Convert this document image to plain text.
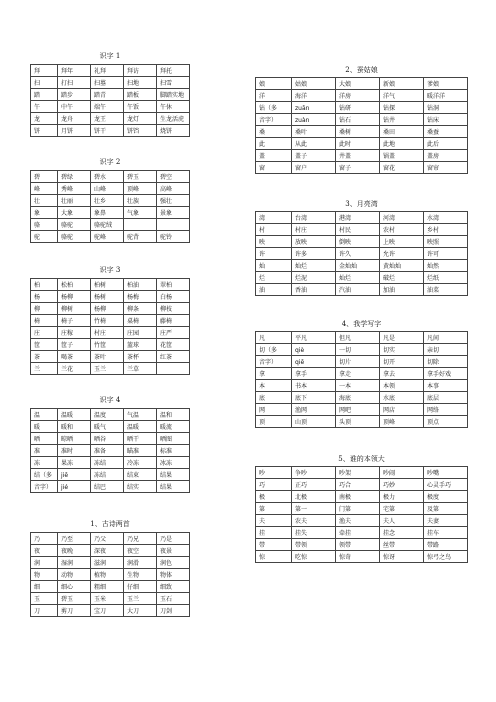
识字 1
拜	拜年	礼拜	拜访	拜托
扫	打扫	扫墓	扫地	扫雪
踏	踏步	踏青	踏板	脚踏实地
午	中午	端午	午饭	午休
龙	龙舟	龙王	龙灯	生龙活虎
饼	月饼	饼干	饼铛	烧饼
识字 2
碧	碧绿	碧水	碧玉	碧空
峰	秀峰	山峰	顶峰	高峰
壮	壮丽	壮乡	壮族	强壮
象	大象	象鼻	气象	景象
骆	骆驼	骆驼绒		
驼	骆驼	驼峰	驼背	驼铃
识字 3
柏	松柏	柏树	柏油	翠柏
杨	杨柳	杨树	杨梅	白杨
柳	柳树	杨柳	柳条	柳枝
椅	椅子	竹椅	桌椅	藤椅
庄	庄稼	村庄	庄园	庄严
筐	筐子	竹筐	篮球	花筐
茶	喝茶	茶叶	茶杯	红茶
兰	兰花	玉兰	兰草	
识字 4
温	温暖	温度	气温	温和
暖	暖和	暖气	温暖	暖流
晒	晾晒	晒谷	晒干	晒图
准	准时	准备	瞄准	标准
冻	果冻	冻结	冷冻	冰冻
结（多	jiē	冻结	结束	结果
音字）	jié	结巴	结实	结果
1、古诗两首
乃	乃至	乃父	乃兄	乃是
夜	夜晚	深夜	夜空	夜景
润	湿润	滋润	润滑	润色
物	动物	植物	生物	物体
细	细心	粗细	仔细	细致
玉	碧玉	玉米	玉兰	玉石
刀	剪刀	宝刀	大刀	刀剑
2、蚕姑娘
娘	姑娘	大娘	新娘	爹娘
洋	海洋	洋房	洋气	暖洋洋
钻（多	zuān	钻研	钻探	钻洞
音字）	zuàn	钻石	钻井	钻床
桑	桑叶	桑树	桑田	桑蚕
此	从此	此时	此地	此后
盖	盖子	井盖	锅盖	盖房
窗	窗户	窗子	窗花	窗帘
3、月亮湾
湾	台湾	港湾	河湾	水湾
村	村庄	村民	农村	乡村
映	放映	倒映	上映	映照
许	许多	许久	允许	许可
灿	灿烂	金灿灿	黄灿灿	灿然
烂	烂泥	灿烂	破烂	烂纸
油	香油	汽油	加油	油菜
4、我学写字
凡	平凡	但凡	凡是	凡间
切（多	qiè	一切	切实	亲切
音字）	qiē	切片	切开	切除
拿	拿手	拿走	拿去	拿手好戏
本	书本	一本	本领	本事
底	底下	海底	水底	底层
网	渔网	网吧	网店	网络
顶	山顶	头顶	顶峰	顶点
5、谁的本领大
吵	争吵	吵架	吵闹	吵嘴
巧	正巧	巧合	巧妙	心灵手巧
极	北极	南极	极力	极度
第	第一	门第	宅第	及第
夫	农夫	渔夫	夫人	夫妻
挂	挂失	牵挂	挂念	挂车
带	带领	领带	丝带	带路
惊	吃惊	惊奇	惊讶	惊弓之鸟
